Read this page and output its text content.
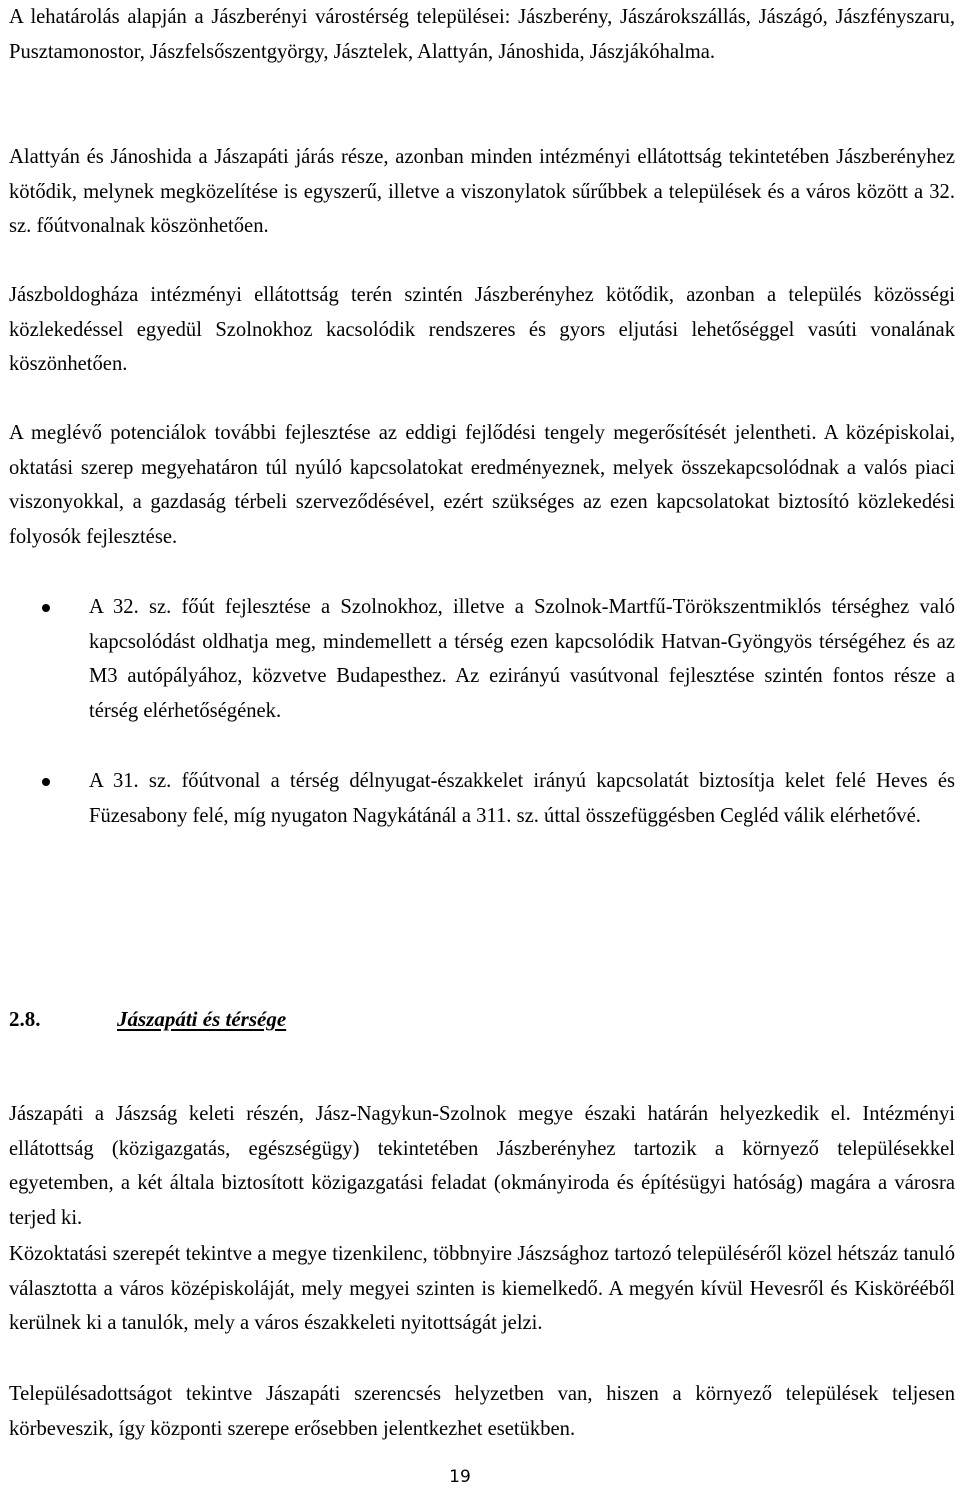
A lehatárolás alapján a Jászberényi várostérség települései: Jászberény, Jászárokszállás, Jászágó, Jászfényszaru, Pusztamonostor, Jászfelsőszentgyörgy, Jásztelek, Alattyán, Jánoshida, Jászjákóhalma.

Alattyán és Jánoshida a Jászapáti járás része, azonban minden intézményi ellátottság tekintetében Jászberényhez kötődik, melynek megközelítése is egyszerű, illetve a viszonylatok sűrűbbek a települések és a város között a 32. sz. főútvonalnak köszönhetően.

Jászboldogháza intézményi ellátottság terén szintén Jászberényhez kötődik, azonban a település közösségi közlekedéssel egyedül Szolnokhoz kacsolódik rendszeres és gyors eljutási lehetőséggel vasúti vonalának köszönhetően.

A meglévő potenciálok további fejlesztése az eddigi fejlődési tengely megerősítését jelentheti. A középiskolai, oktatási szerep megyehatáron túl nyúló kapcsolatokat eredményeznek, melyek összekapcsolódnak a valós piaci viszonyokkal, a gazdaság térbeli szerveződésével, ezért szükséges az ezen kapcsolatokat biztosító közlekedési folyosók fejlesztése.

A 32. sz. főút fejlesztése a Szolnokhoz, illetve a Szolnok-Martfű-Törökszentmiklós térséghez való kapcsolódást oldhatja meg, mindemellett a térség ezen kapcsolódik Hatvan-Gyöngyös térségéhez és az M3 autópályához, közvetve Budapesthez. Az ezirányú vasútvonal fejlesztése szintén fontos része a térség elérhetőségének.

A 31. sz. főútvonal a térség délnyugat-északkelet irányú kapcsolatát biztosítja kelet felé Heves és Füzesabony felé, míg nyugaton Nagykátánál a 311. sz. úttal összefüggésben Cegléd válik elérhetővé.

2.8.	Jászapáti és térsége

Jászapáti a Jászság keleti részén, Jász-Nagykun-Szolnok megye északi határán helyezkedik el. Intézményi ellátottság (közigazgatás, egészségügy) tekintetében Jászberényhez tartozik a környező településekkel egyetemben, a két általa biztosított közigazgatási feladat (okmányiroda és építésügyi hatóság) magára a városra terjed ki.

Közoktatási szerepét tekintve a megye tizenkilenc, többnyire Jászsághoz tartozó településéről közel hétszáz tanuló választotta a város középiskoláját, mely megyei szinten is kiemelkedő. A megyén kívül Hevesről és Kiskörééből kerülnek ki a tanulók, mely a város északkeleti nyitottságát jelzi.

Településadottságot tekintve Jászapáti szerencsés helyzetben van, hiszen a környező települések teljesen körbeveszik, így központi szerepe erősebben jelentkezhet esetükben.

19
